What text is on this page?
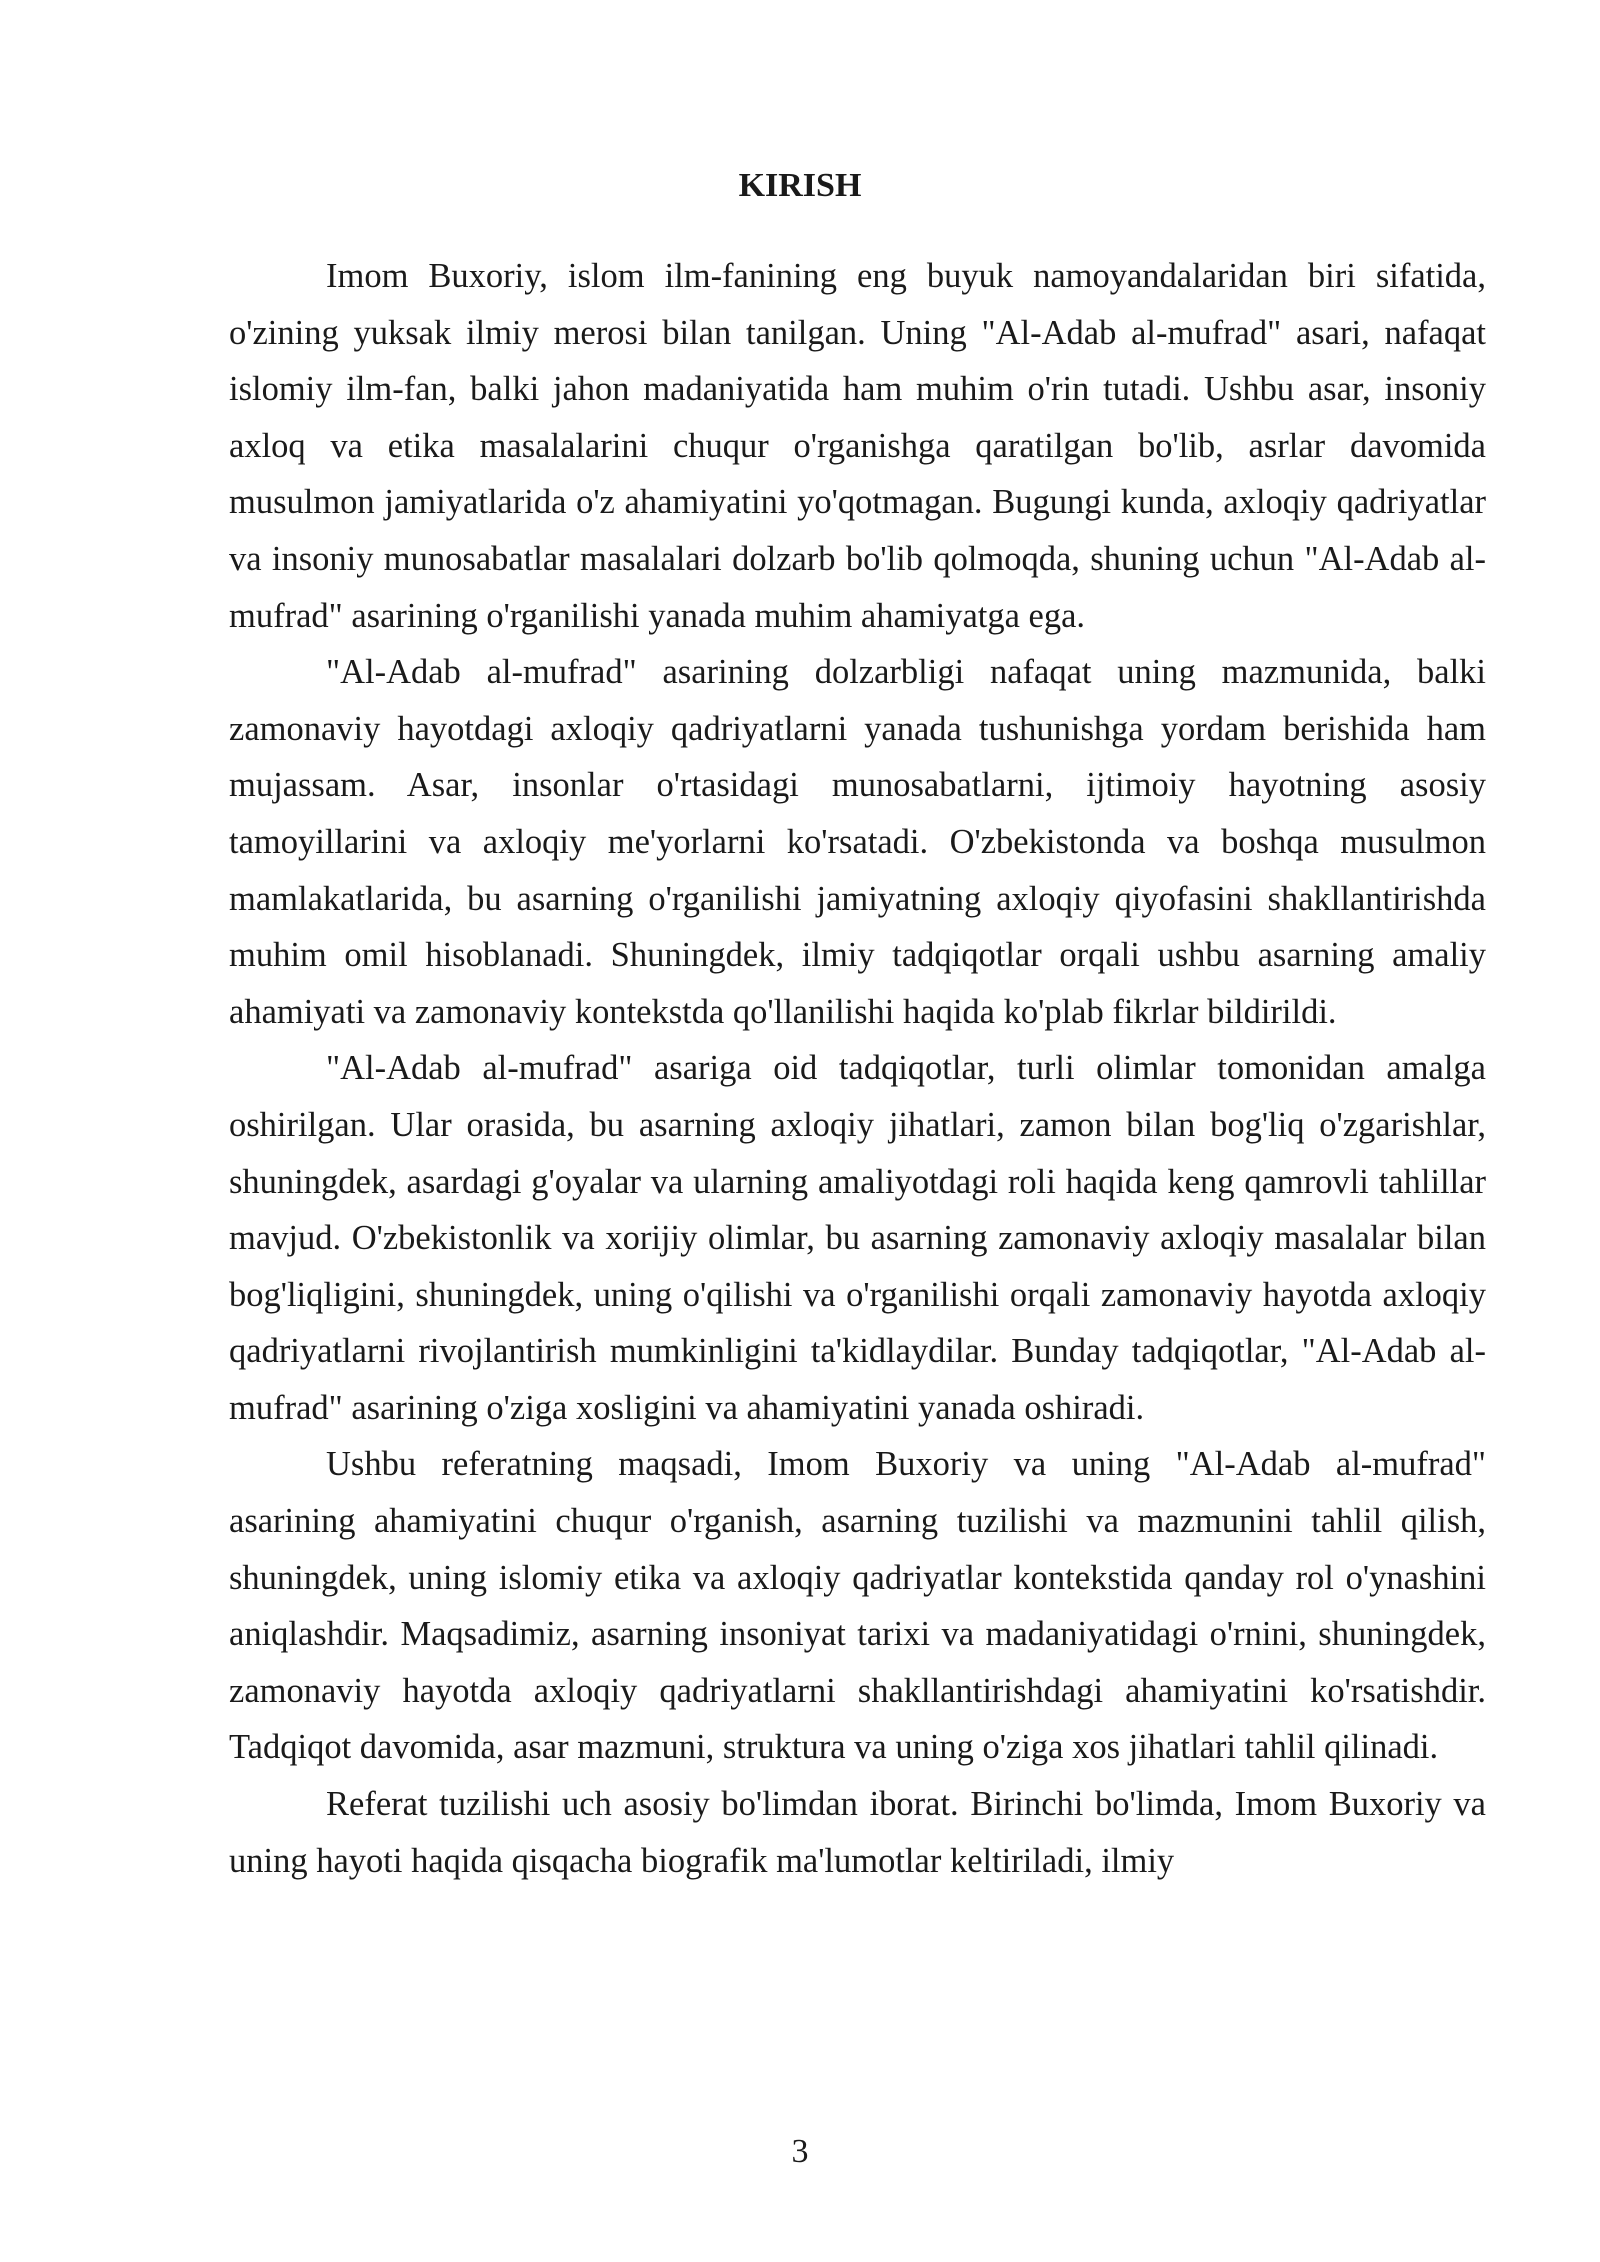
KIRISH

Imom Buxoriy, islom ilm-fanining eng buyuk namoyandalaridan biri sifatida, o'zining yuksak ilmiy merosi bilan tanilgan. Uning "Al-Adab al-mufrad" asari, nafaqat islomiy ilm-fan, balki jahon madaniyatida ham muhim o'rin tutadi. Ushbu asar, insoniy axloq va etika masalalarini chuqur o'rganishga qaratilgan bo'lib, asrlar davomida musulmon jamiyatlarida o'z ahamiyatini yo'qotmagan. Bugungi kunda, axloqiy qadriyatlar va insoniy munosabatlar masalalari dolzarb bo'lib qolmoqda, shuning uchun "Al-Adab al-mufrad" asarining o'rganilishi yanada muhim ahamiyatga ega.

"Al-Adab al-mufrad" asarining dolzarbligi nafaqat uning mazmunida, balki zamonaviy hayotdagi axloqiy qadriyatlarni yanada tushunishga yordam berishida ham mujassam. Asar, insonlar o'rtasidagi munosabatlarni, ijtimoiy hayotning asosiy tamoyillarini va axloqiy me'yorlarni ko'rsatadi. O'zbekistonda va boshqa musulmon mamlakatlarida, bu asarning o'rganilishi jamiyatning axloqiy qiyofasini shakllantirishda muhim omil hisoblanadi. Shuningdek, ilmiy tadqiqotlar orqali ushbu asarning amaliy ahamiyati va zamonaviy kontekstda qo'llanilishi haqida ko'plab fikrlar bildirildi.

"Al-Adab al-mufrad" asariga oid tadqiqotlar, turli olimlar tomonidan amalga oshirilgan. Ular orasida, bu asarning axloqiy jihatlari, zamon bilan bog'liq o'zgarishlar, shuningdek, asardagi g'oyalar va ularning amaliyotdagi roli haqida keng qamrovli tahlillar mavjud. O'zbekistonlik va xorijiy olimlar, bu asarning zamonaviy axloqiy masalalar bilan bog'liqligini, shuningdek, uning o'qilishi va o'rganilishi orqali zamonaviy hayotda axloqiy qadriyatlarni rivojlantirish mumkinligini ta'kidlaydilar. Bunday tadqiqotlar, "Al-Adab al-mufrad" asarining o'ziga xosligini va ahamiyatini yanada oshiradi.

Ushbu referatning maqsadi, Imom Buxoriy va uning "Al-Adab al-mufrad" asarining ahamiyatini chuqur o'rganish, asarning tuzilishi va mazmunini tahlil qilish, shuningdek, uning islomiy etika va axloqiy qadriyatlar kontekstida qanday rol o'ynashini aniqlashdir. Maqsadimiz, asarning insoniyat tarixi va madaniyatidagi o'rnini, shuningdek, zamonaviy hayotda axloqiy qadriyatlarni shakllantirishdagi ahamiyatini ko'rsatishdir. Tadqiqot davomida, asar mazmuni, struktura va uning o'ziga xos jihatlari tahlil qilinadi.

Referat tuzilishi uch asosiy bo'limdan iborat. Birinchi bo'limda, Imom Buxoriy va uning hayoti haqida qisqacha biografik ma'lumotlar keltiriladi, ilmiy

3
